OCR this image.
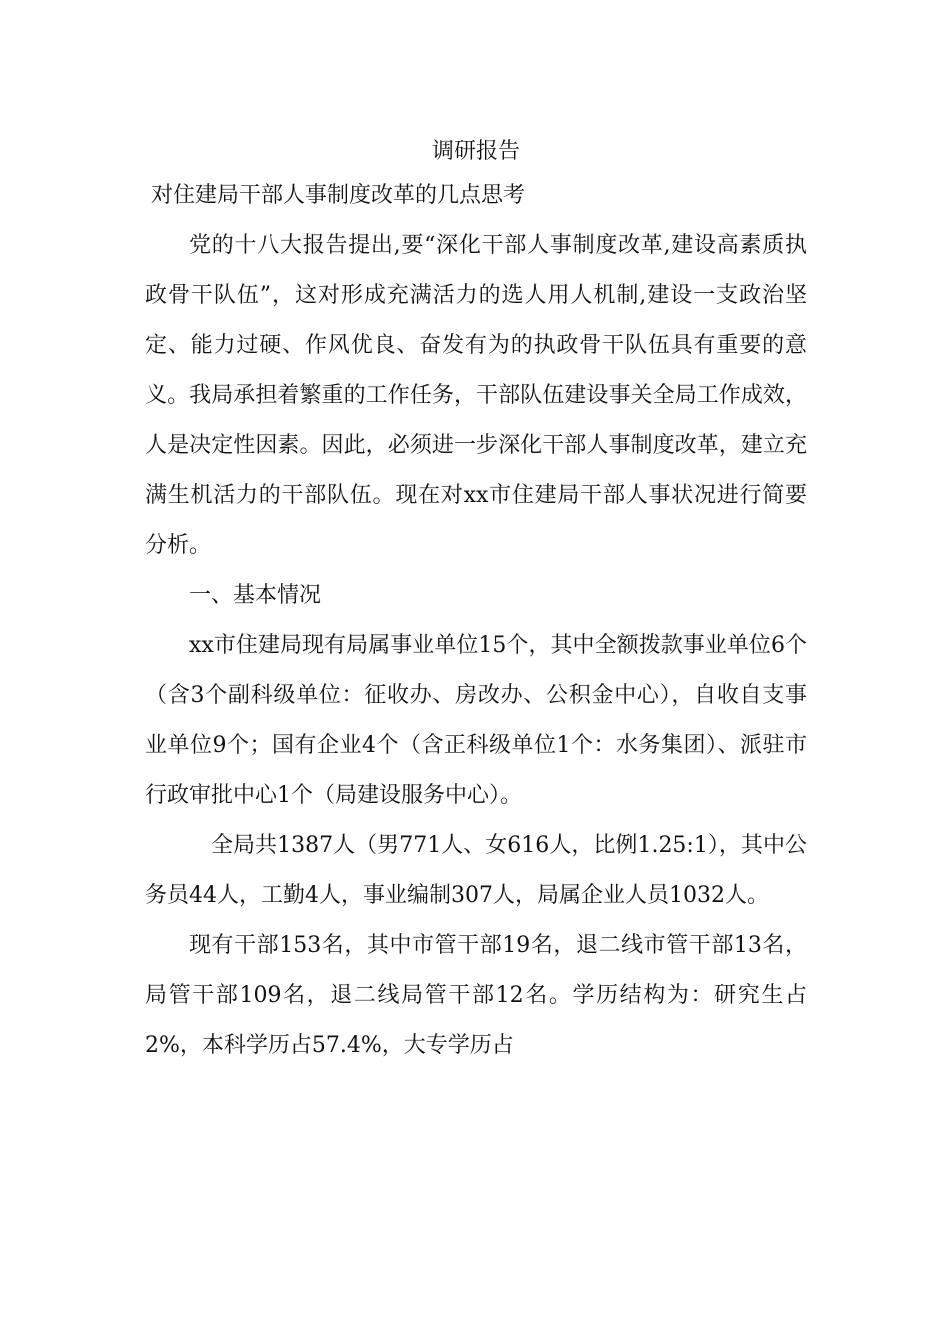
调研报告
对住建局干部人事制度改革的几点思考

党的十八大报告提出,要“深化干部人事制度改革,建设高素质执政骨干队伍”，这对形成充满活力的选人用人机制,建设一支政治坚定、能力过硬、作风优良、奋发有为的执政骨干队伍具有重要的意义。我局承担着繁重的工作任务，干部队伍建设事关全局工作成效，人是决定性因素。因此，必须进一步深化干部人事制度改革，建立充满生机活力的干部队伍。现在对xx市住建局干部人事状况进行简要分析。

一、基本情况

xx市住建局现有局属事业单位15个，其中全额拨款事业单位6个（含3个副科级单位：征收办、房改办、公积金中心），自收自支事业单位9个；国有企业4个（含正科级单位1个：水务集团）、派驻市行政审批中心1个（局建设服务中心）。

全局共1387人（男771人、女616人，比例1.25:1），其中公务员44人，工勤4人，事业编制307人，局属企业人员1032人。

现有干部153名，其中市管干部19名，退二线市管干部13名，局管干部109名，退二线局管干部12名。学历结构为：研究生占2%，本科学历占57.4%，大专学历占
